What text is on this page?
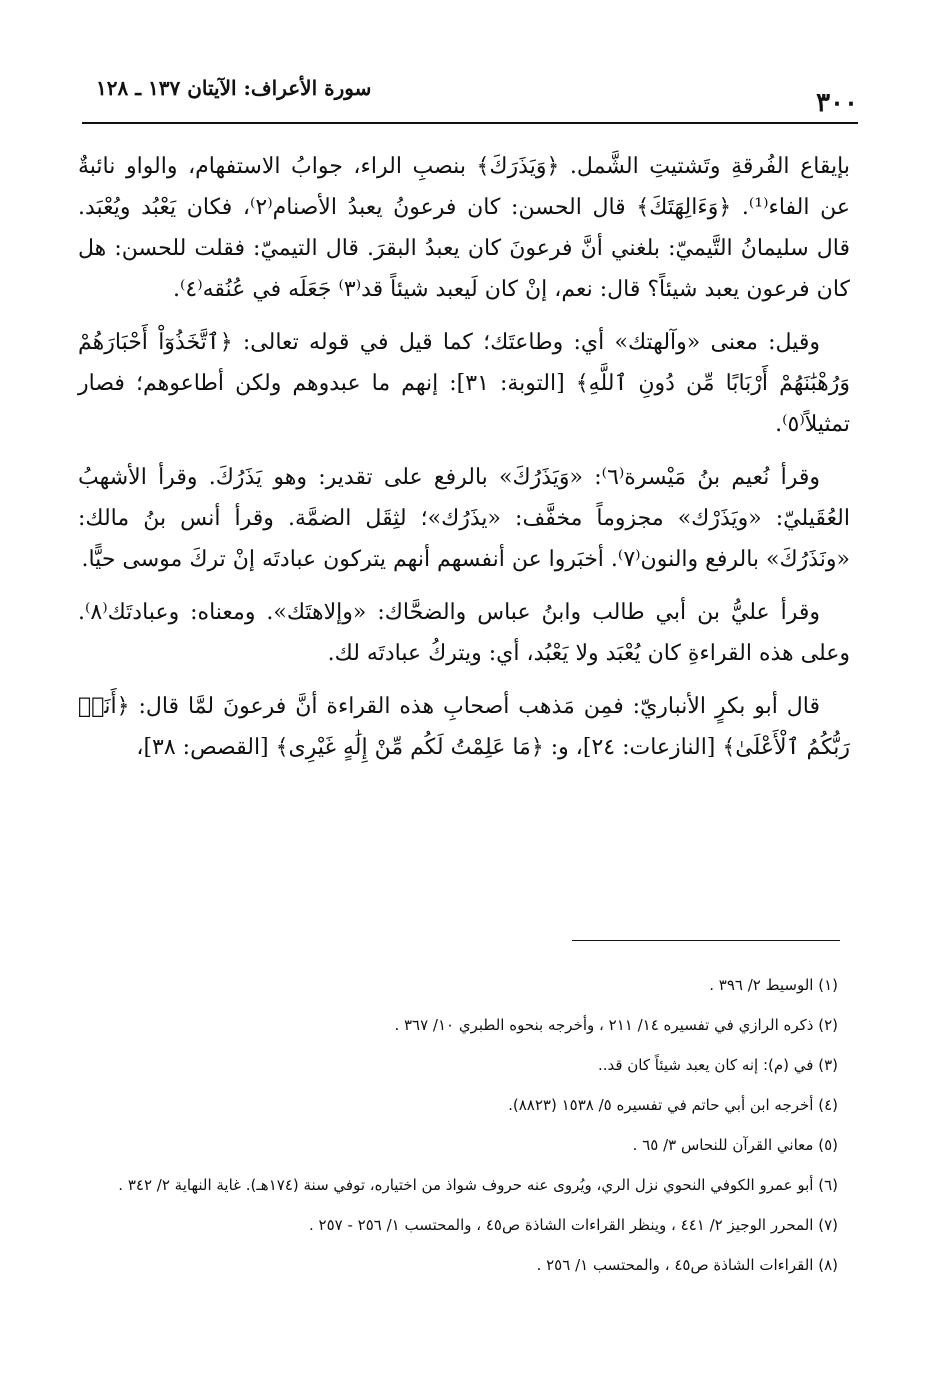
٣٠٠
سورة الأعراف: الآيتان ١٣٧ ـ ١٢٨

بإيقاع الفُرقةِ وتَشتيتِ الشَّمل. ﴿وَيَذَرَكَ﴾ بنصبِ الراء، جوابُ الاستفهام، والواو نائبةٌ عن الفاء⁽¹⁾. ﴿وَءَالِهَتَكَ﴾ قال الحسن: كان فرعونُ يعبدُ الأصنام⁽٢⁾، فكان يَعْبُد ويُعْبَد. قال سليمانُ التَّيميّ: بلغني أنَّ فرعونَ كان يعبدُ البقرَ. قال التيميّ: فقلت للحسن: هل كان فرعون يعبد شيئاً؟ قال: نعم، إنْ كان لَيعبد شيئاً قد⁽٣⁾ جَعَلَه في عُنُقه⁽٤⁾.

وقيل: معنى «وآلهتك» أي: وطاعتَك؛ كما قيل في قوله تعالى: ﴿ٱتَّخَذُوٓاْ أَحْبَارَهُمْ وَرُهْبَٰنَهُمْ أَرْبَابًا مِّن دُونِ ٱللَّهِ﴾ [التوبة: ٣١]: إنهم ما عبدوهم ولكن أطاعوهم؛ فصار تمثيلاً⁽٥⁾.

وقرأ نُعيم بنُ مَيْسرة⁽٦⁾: «وَيَذَرُكَ» بالرفع على تقدير: وهو يَذَرُكَ. وقرأ الأشهبُ العُقَيليّ: «ويَذَرْك» مجزوماً مخفَّف: «يذَرُك»؛ لثِقَل الضمَّة. وقرأ أنس بنُ مالك: «ونَذَرُكَ» بالرفع والنون⁽٧⁾. أخبَروا عن أنفسهم أنهم يتركون عبادتَه إنْ تركَ موسى حيًّا.

وقرأ عليُّ بن أبي طالب وابنُ عباس والضحَّاك: «وإلاهتَك». ومعناه: وعبادتَك⁽٨⁾. وعلى هذه القراءةِ كان يُعْبَد ولا يَعْبُد، أي: ويتركُ عبادتَه لك.

قال أبو بكرٍ الأنباريّ: فمِن مَذهب أصحابِ هذه القراءة أنَّ فرعونَ لمَّا قال: ﴿أَنَا۠ رَبُّكُمُ ٱلْأَعْلَىٰ﴾ [النازعات: ٢٤]، و: ﴿مَا عَلِمْتُ لَكُم مِّنْ إِلَٰهٍ غَيْرِى﴾ [القصص: ٣٨]،

(١) الوسيط ٢/ ٣٩٦ .
(٢) ذكره الرازي في تفسيره ١٤/ ٢١١ ، وأخرجه بنحوه الطبري ١٠/ ٣٦٧ .
(٣) في (م): إنه كان يعبد شيئاً كان قد..
(٤) أخرجه ابن أبي حاتم في تفسيره ٥/ ١٥٣٨ (٨٨٢٣).
(٥) معاني القرآن للنحاس ٣/ ٦٥ .
(٦) أبو عمرو الكوفي النحوي نزل الري، ويُروى عنه حروف شواذ من اختياره، توفي سنة (١٧٤هـ). غاية النهاية ٢/ ٣٤٢ .
(٧) المحرر الوجيز ٢/ ٤٤١ ، وينظر القراءات الشاذة ص٤٥ ، والمحتسب ١/ ٢٥٦ - ٢٥٧ .
(٨) القراءات الشاذة ص٤٥ ، والمحتسب ١/ ٢٥٦ .
